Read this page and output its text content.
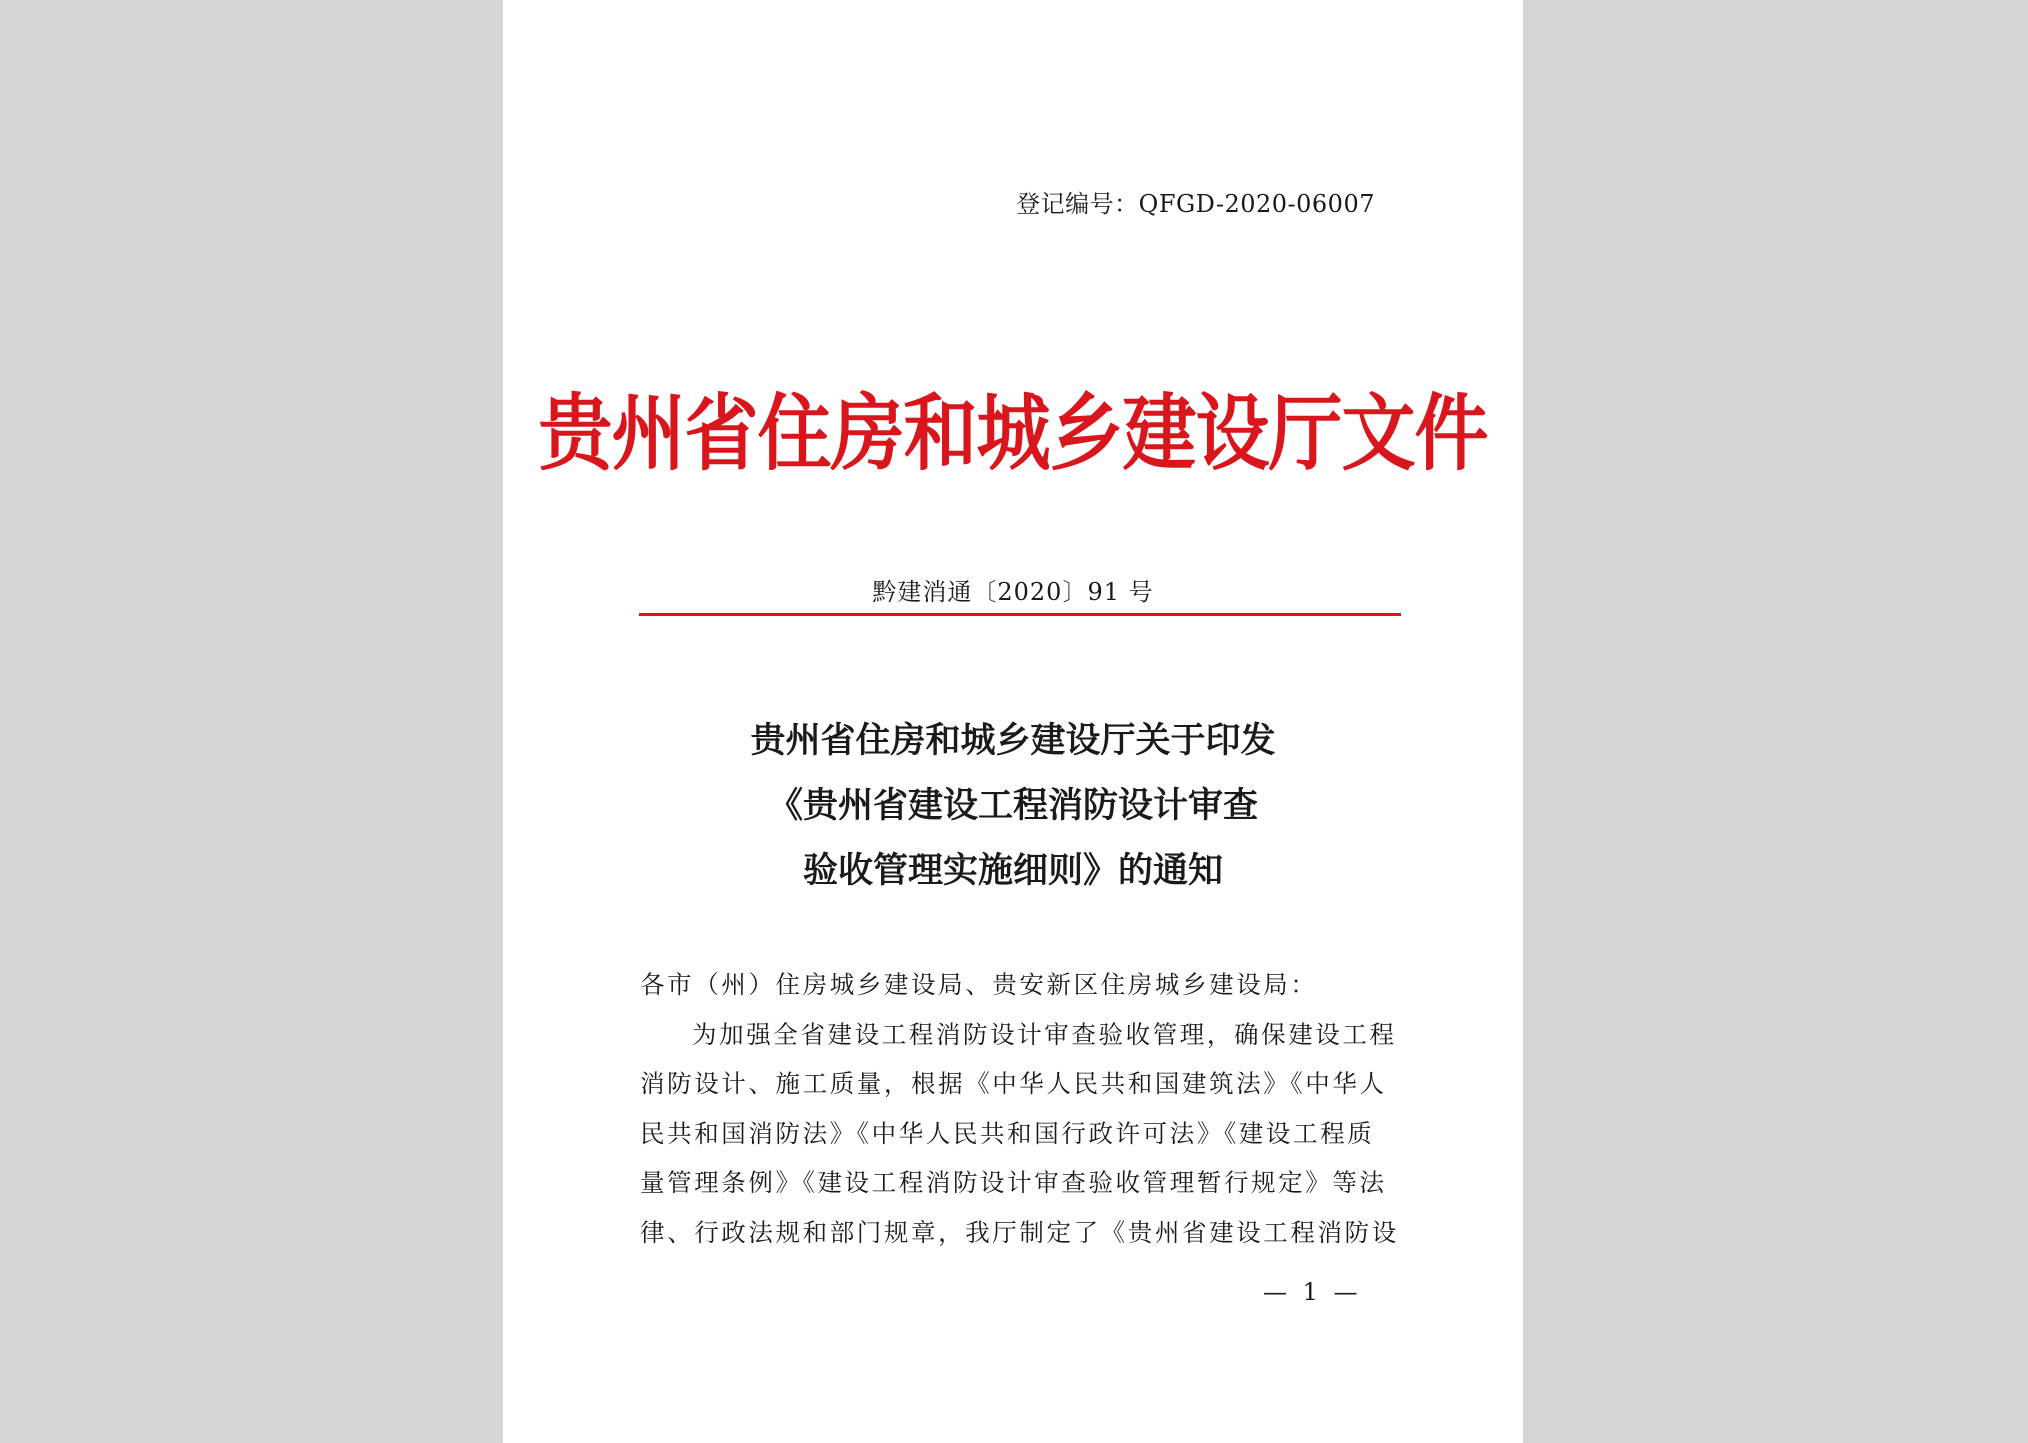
登记编号：QFGD-2020-06007
贵州省住房和城乡建设厅文件
黔建消通〔2020〕91 号
贵州省住房和城乡建设厅关于印发
《贵州省建设工程消防设计审查
验收管理实施细则》的通知
各市（州）住房城乡建设局、贵安新区住房城乡建设局：
为加强全省建设工程消防设计审查验收管理，确保建设工程
消防设计、施工质量，根据《中华人民共和国建筑法》《中华人
民共和国消防法》《中华人民共和国行政许可法》《建设工程质
量管理条例》《建设工程消防设计审查验收管理暂行规定》等法
律、行政法规和部门规章，我厅制定了《贵州省建设工程消防设
— 1 —
